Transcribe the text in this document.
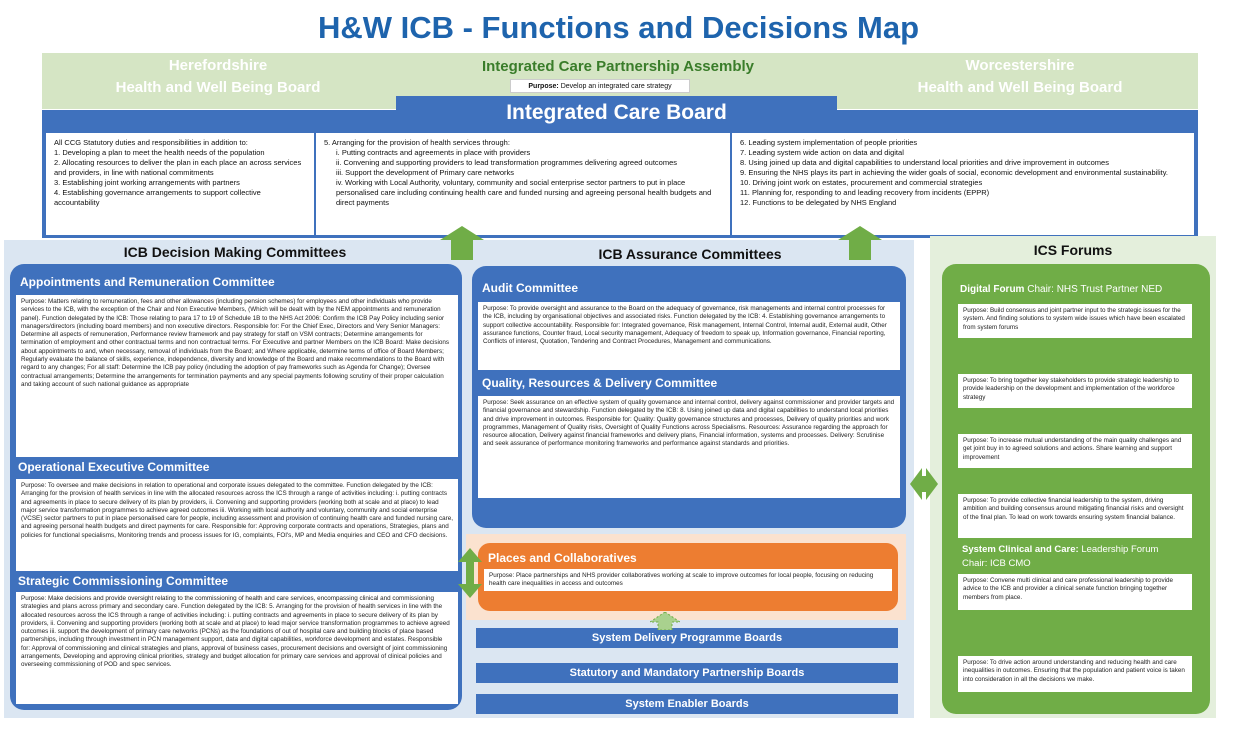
H&W ICB - Functions and Decisions Map
Herefordshire
Health and Well Being Board
Worcestershire
Health and Well Being Board
Integrated Care Partnership Assembly
Purpose: Develop an integrated care strategy
Integrated Care Board
All CCG Statutory duties and responsibilities in addition to:
1. Developing a plan to meet the health needs of the population
2. Allocating resources to deliver the plan in each place an across services and providers, in line with national commitments
3. Establishing joint working arrangements with partners
4. Establishing governance arrangements to support collective accountability
5. Arranging for the provision of health services through:
i. Putting contracts and agreements in place with providers
ii. Convening and supporting providers to lead transformation programmes delivering agreed outcomes
iii. Support the development of Primary care networks
iv. Working with Local Authority, voluntary, community and social enterprise sector partners to put in place personalised care including continuing health care and funded nursing and agreeing personal health budgets and direct payments
6. Leading system implementation of people priorities
7. Leading system wide action on data and digital
8. Using joined up data and digital capabilities to understand local priorities and drive improvement in outcomes
9. Ensuring the NHS plays its part in achieving the wider goals of social, economic development and environmental sustainability.
10. Driving joint work on estates, procurement and commercial strategies
11. Planning for, responding to and leading recovery from incidents (EPPR)
12. Functions to be delegated by NHS England
ICB Decision Making Committees
Appointments and Remuneration Committee
Purpose: Matters relating to remuneration, fees and other allowances (including pension schemes) for employees and other individuals who provide services to the ICB, with the exception of the Chair and Non Executive Members, (Which will be dealt with by the NEM appointments and remuneration panel). Function delegated by the ICB: Those relating to para 17 to 19 of Schedule 1B to the NHS Act 2006: Confirm the ICB Pay Policy including senior managers/directors (including board members) and non executive directors. Responsible for: For the Chief Exec, Directors and Very Senior Managers: Determine all aspects of remuneration, Performance review framework and pay strategy for staff on VSM contracts; Determine arrangements for termination of employment and other contractual terms and non contractual terms. For Executive and partner Members on the ICB Board: Make decisions about appointments to and, when necessary, removal of individuals from the Board; and Where applicable, determine terms of office of Board Members; Regularly evaluate the balance of skills, experience, independence, diversity and knowledge of the Board and make recommendations to the Board with regard to any changes; For all staff: Determine the ICB pay policy (including the adoption of pay frameworks such as Agenda for Change); Oversee contractual arrangements; Determine the arrangements for termination payments and any special payments following scrutiny of their proper calculation and taking account of such national guidance as appropriate
Operational Executive Committee
Purpose: To oversee and make decisions in relation to operational and corporate issues delegated to the committee. Function delegated by the ICB: Arranging for the provision of health services in line with the allocated resources across the ICS through a range of activities including: i. putting contracts and agreements in place to secure delivery of its plan by providers, ii. Convening and supporting providers (working both at scale and at place) to lead major service transformation programmes to achieve agreed outcomes iii. Working with local authority and voluntary, community and social enterprise (VCSE) sector partners to put in place personalised care for people, including assessment and provision of continuing health care and funded nursing care, and agreeing personal health budgets and direct payments for care. Responsible for: Approving corporate contracts and operations, Strategies, plans and policies for functional specialisms, Monitoring trends and process issues for IG, complaints, FOI's, MP and Media enquiries and CEO and CFO decisions.
Strategic Commissioning Committee
Purpose: Make decisions and provide oversight relating to the commissioning of health and care services, encompassing clinical and commissioning strategies and plans across primary and secondary care. Function delegated by the ICB: 5. Arranging for the provision of health services in line with the allocated resources across the ICS through a range of activities including: i. putting contracts and agreements in place to secure delivery of its plan by providers, ii. Convening and supporting providers (working both at scale and at place) to lead major service transformation programmes to achieve agreed outcomes iii. support the development of primary care networks (PCNs) as the foundations of out of hospital care and building blocks of place based partnerships, including through investment in PCN management support, data and digital capabilities, workforce development and estates. Responsible for: Approval of commissioning and clinical strategies and plans, approval of business cases, procurement decisions and oversight of joint commissioning arrangements, Developing and approving clinical priorities, strategy and budget allocation for primary care services and approval of clinical policies and overseeing commissioning of POD and spec services.
ICB Assurance Committees
Audit Committee
Purpose: To provide oversight and assurance to the Board on the adequacy of governance, risk managements and internal control processes for the ICB, including by organisational objectives and associated risks. Function delegated by the ICB: 4. Establishing governance arrangements to support collective accountability. Responsible for: Integrated governance, Risk management, Internal Control, Internal audit, External audit, Other assurance functions, Counter fraud, Local security management, Adequacy of freedom to speak up, Information governance, Financial reporting, Conflicts of interest, Quotation, Tendering and Contract Procedures, Management and communications.
Quality, Resources & Delivery Committee
Purpose: Seek assurance on an effective system of quality governance and internal control, delivery against commissioner and provider targets and financial governance and stewardship. Function delegated by the ICB: 8. Using joined up data and digital capabilities to understand local priorities and drive improvement in outcomes. Responsible for: Quality: Quality governance structures and processes, Delivery of quality priorities and work programmes, Management of Quality risks, Oversight of Quality Functions across Specialisms. Resources: Assurance regarding the approach for resource allocation, Delivery against financial frameworks and delivery plans, Financial information, systems and processes. Delivery: Scrutinise and seek assurance of performance monitoring frameworks and performance against standards and priorities.
Places and Collaboratives
Purpose: Place partnerships and NHS provider collaboratives working at scale to improve outcomes for local people, focusing on reducing health care inequalities in access and outcomes
System Delivery Programme Boards
Statutory and Mandatory Partnership Boards
System Enabler Boards
ICS Forums
Digital Forum Chair: NHS Trust Partner NED
Purpose: Build consensus and joint partner input to the strategic issues for the system. And finding solutions to system wide issues which have been escalated from system forums
Purpose: To bring together key stakeholders to provide strategic leadership to provide leadership on the development and implementation of the workforce strategy
Purpose: To increase mutual understanding of the main quality challenges and get joint buy in to agreed solutions and actions. Share learning and support improvement
Purpose: To provide collective financial leadership to the system, driving ambition and building consensus around mitigating financial risks and oversight of the final plan. To lead on work towards ensuring system financial balance.
System Clinical and Care: Leadership Forum
Chair: ICB CMO
Purpose: Convene multi clinical and care professional leadership to provide advice to the ICB and provider a clinical senate function bringing together members from place.
Purpose: To drive action around understanding and reducing health and care inequalities in outcomes. Ensuring that the population and patient voice is taken into consideration in all the decisions we make.
